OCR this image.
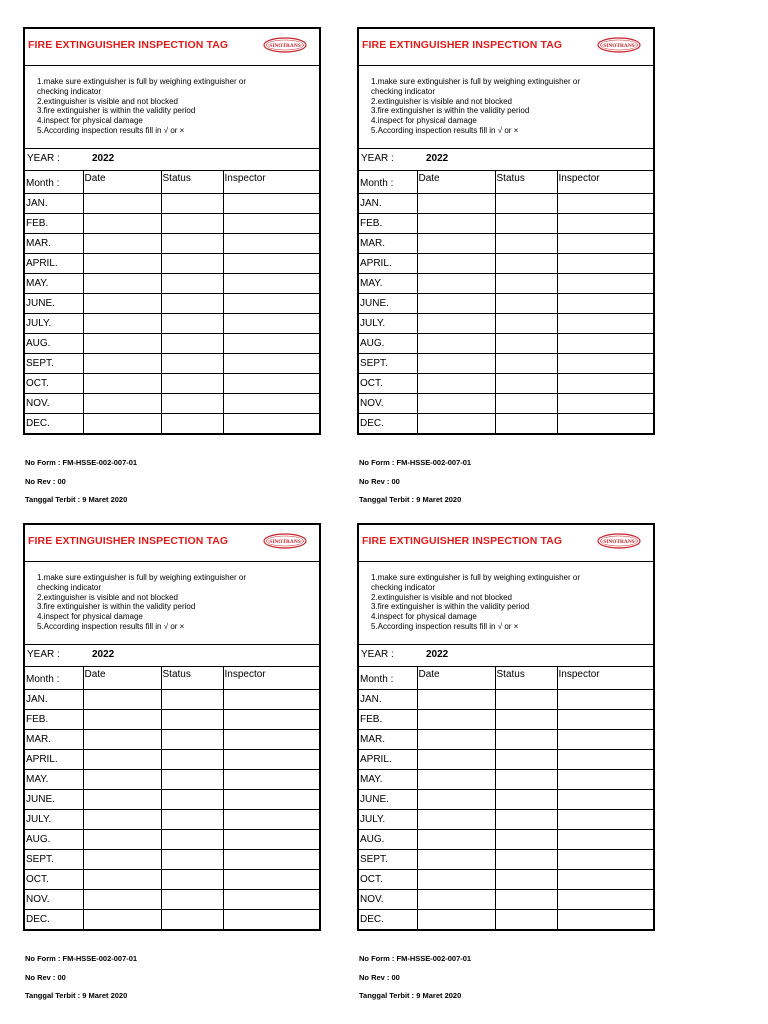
FIRE EXTINGUISHER INSPECTION TAG	SINOTRANS
1.make sure extinguisher is full by weighing extinguisher or
checking indicator
2.extinguisher is visible and not blocked
3.fire extinguisher is within the validity period
4.inspect for physical damage
5.According inspection results fill in √ or ×
YEAR :	2022
Month :	Date	Status	Inspector
JAN.			
FEB.			
MAR.			
APRIL.			
MAY.			
JUNE.			
JULY.			
AUG.			
SEPT.			
OCT.			
NOV.			
DEC.			
No Form : FM-HSSE-002-007-01
No Rev : 00
Tanggal Terbit : 9 Maret 2020
FIRE EXTINGUISHER INSPECTION TAG	SINOTRANS
1.make sure extinguisher is full by weighing extinguisher or
checking indicator
2.extinguisher is visible and not blocked
3.fire extinguisher is within the validity period
4.inspect for physical damage
5.According inspection results fill in √ or ×
YEAR :	2022
Month :	Date	Status	Inspector
JAN.			
FEB.			
MAR.			
APRIL.			
MAY.			
JUNE.			
JULY.			
AUG.			
SEPT.			
OCT.			
NOV.			
DEC.			
No Form : FM-HSSE-002-007-01
No Rev : 00
Tanggal Terbit : 9 Maret 2020
FIRE EXTINGUISHER INSPECTION TAG	SINOTRANS
1.make sure extinguisher is full by weighing extinguisher or
checking indicator
2.extinguisher is visible and not blocked
3.fire extinguisher is within the validity period
4.inspect for physical damage
5.According inspection results fill in √ or ×
YEAR :	2022
Month :	Date	Status	Inspector
JAN.			
FEB.			
MAR.			
APRIL.			
MAY.			
JUNE.			
JULY.			
AUG.			
SEPT.			
OCT.			
NOV.			
DEC.			
No Form : FM-HSSE-002-007-01
No Rev : 00
Tanggal Terbit : 9 Maret 2020
FIRE EXTINGUISHER INSPECTION TAG	SINOTRANS
1.make sure extinguisher is full by weighing extinguisher or
checking indicator
2.extinguisher is visible and not blocked
3.fire extinguisher is within the validity period
4.inspect for physical damage
5.According inspection results fill in √ or ×
YEAR :	2022
Month :	Date	Status	Inspector
JAN.			
FEB.			
MAR.			
APRIL.			
MAY.			
JUNE.			
JULY.			
AUG.			
SEPT.			
OCT.			
NOV.			
DEC.			
No Form : FM-HSSE-002-007-01
No Rev : 00
Tanggal Terbit : 9 Maret 2020
